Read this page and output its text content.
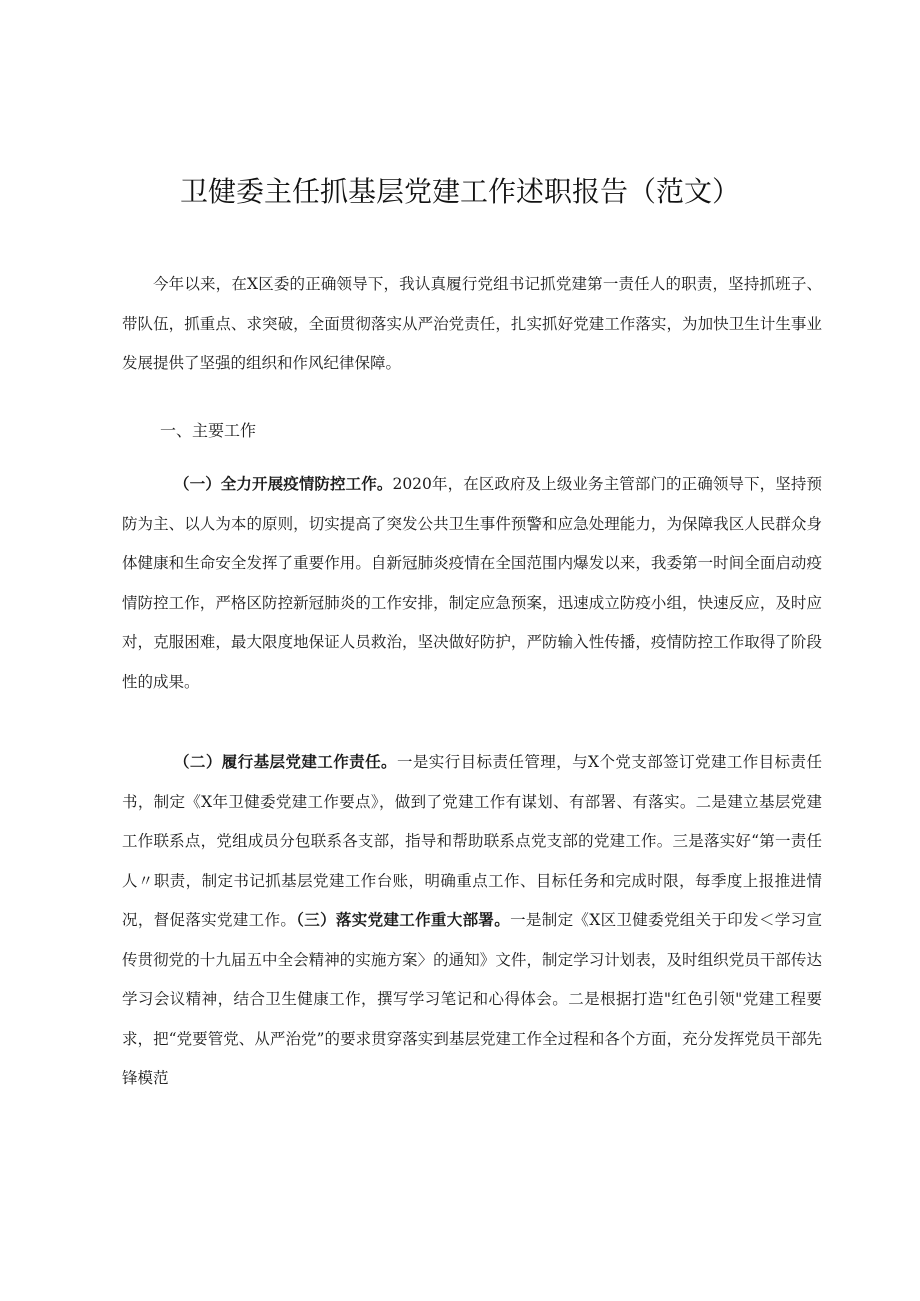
卫健委主任抓基层党建工作述职报告（范文）
今年以来，在X区委的正确领导下，我认真履行党组书记抓党建第一责任人的职责，坚持抓班子、带队伍，抓重点、求突破，全面贯彻落实从严治党责任，扎实抓好党建工作落实，为加快卫生计生事业发展提供了坚强的组织和作风纪律保障。
一、主要工作
（一）全力开展疫情防控工作。2020年，在区政府及上级业务主管部门的正确领导下，坚持预防为主、以人为本的原则，切实提高了突发公共卫生事件预警和应急处理能力，为保障我区人民群众身体健康和生命安全发挥了重要作用。自新冠肺炎疫情在全国范围内爆发以来，我委第一时间全面启动疫情防控工作，严格区防控新冠肺炎的工作安排，制定应急预案，迅速成立防疫小组，快速反应，及时应对，克服困难，最大限度地保证人员救治，坚决做好防护，严防输入性传播，疫情防控工作取得了阶段性的成果。
（二）履行基层党建工作责任。一是实行目标责任管理，与X个党支部签订党建工作目标责任书，制定《X年卫健委党建工作要点》，做到了党建工作有谋划、有部署、有落实。二是建立基层党建工作联系点，党组成员分包联系各支部，指导和帮助联系点党支部的党建工作。三是落实好“第一责任人〃职责，制定书记抓基层党建工作台账，明确重点工作、目标任务和完成时限，每季度上报推进情况，督促落实党建工作。（三）落实党建工作重大部署。一是制定《X区卫健委党组关于印发＜学习宣传贯彻党的十九届五中全会精神的实施方案〉的通知》文件，制定学习计划表，及时组织党员干部传达学习会议精神，结合卫生健康工作，撰写学习笔记和心得体会。二是根据打造"红色引领"党建工程要求，把“党要管党、从严治党”的要求贯穿落实到基层党建工作全过程和各个方面，充分发挥党员干部先锋模范
